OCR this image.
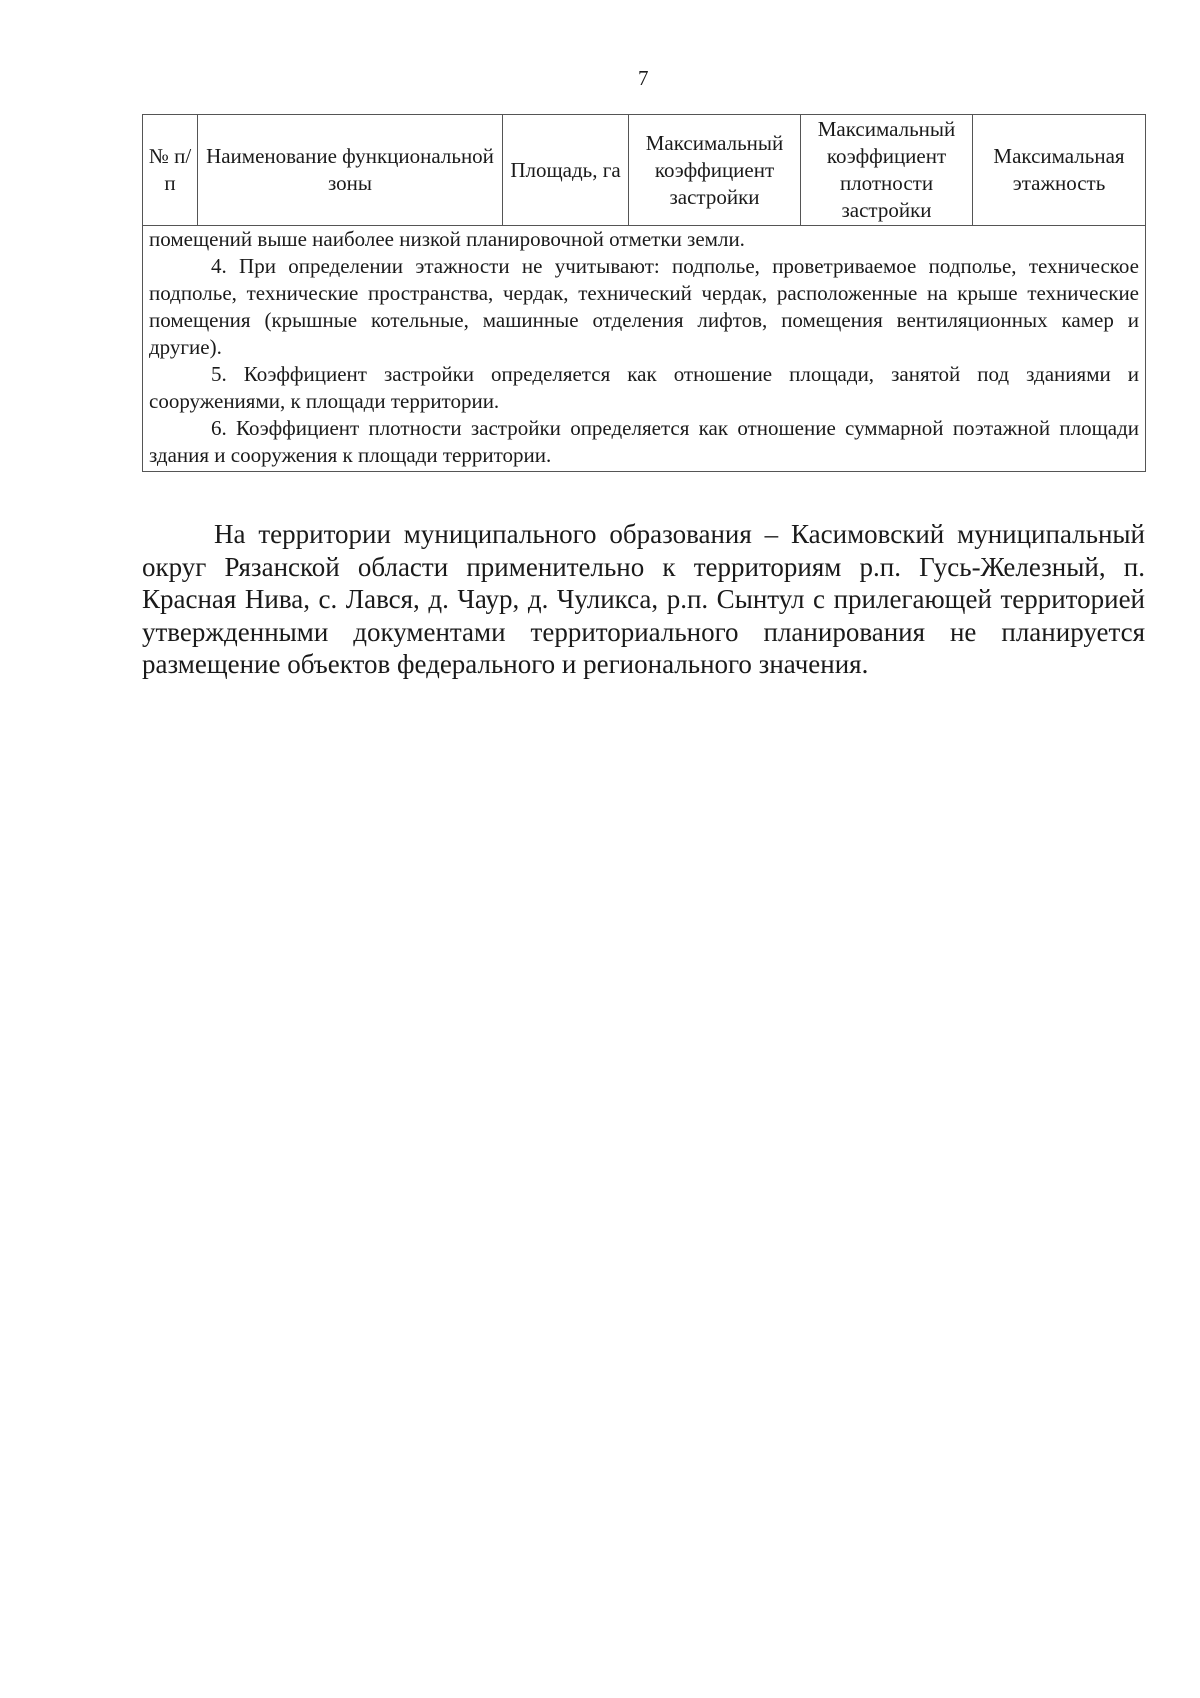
7
№ п/п	Наименование функциональной зоны	Площадь, га	Максимальный коэффициент застройки	Максимальный коэффициент плотности застройки	Максимальная этажность

помещений выше наиболее низкой планировочной отметки земли.

4. При определении этажности не учитывают: подполье, проветриваемое подполье, техническое подполье, технические пространства, чердак, технический чердак, расположенные на крыше технические помещения (крышные котельные, машинные отделения лифтов, помещения вентиляционных камер и другие).

5. Коэффициент застройки определяется как отношение площади, занятой под зданиями и сооружениями, к площади территории.

6. Коэффициент плотности застройки определяется как отношение суммарной поэтажной площади здания и сооружения к площади территории.

На территории муниципального образования – Касимовский муниципальный округ Рязанской области применительно к территориям р.п. Гусь-Железный, п. Красная Нива, с. Лався, д. Чаур, д. Чуликса, р.п. Сынтул с прилегающей территорией утвержденными документами территориального планирования не планируется размещение объектов федерального и регионального значения.
